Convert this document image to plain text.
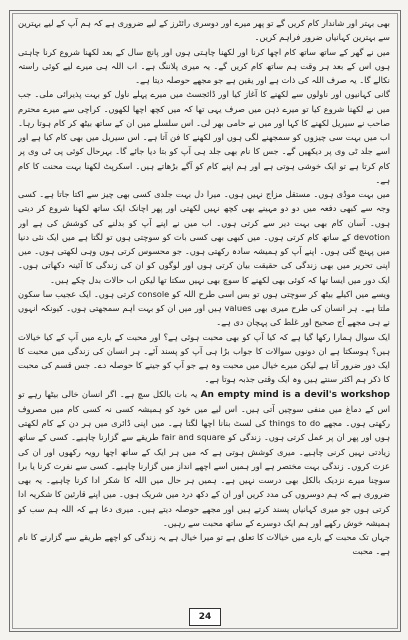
بھی بہتر اور شاندار کام کریں گے تو پھر میرے اور دوسری رائٹرز کے لیے ضروری ہے کہ ہم آپ کے لیے بہترین سے بہترین کہانیاں ضرور فراہم کریں۔

میں نے گھر کے ساتھ ساتھ کام اچھا کرنا اور لکھنا چاہتی ہوں اور پانچ سال کے بعد لکھنا شروع کرنا چاہتی ہوں اس کے بعد ہر وقت ہم ساتھ کام کریں گے۔ یہ میری پلاننگ ہے۔ اب اللہ ہی میرے لیے کوئی راستہ نکالے گا۔ یہ صرف اللہ کی ذات ہے اور یقین ہے جو مجھے حوصلہ دیتا ہے۔

گانی کہانیوں اور ناولوں سے لکھنے کا آغاز کیا اور ڈائجسٹ میں میرے پہلے ناول کو بہت پذیرائی ملی۔ جب میں نے لکھنا شروع کیا تو میرے ذہن میں صرف یہی تھا کہ میں کچھ اچھا لکھوں۔ کراچی سے میرے محترم صاحب نے سیریل لکھنے کا کہا اور میں نے حامی بھر لی۔ اس سلسلے میں ان کے ساتھ بیٹھ کر کام ہوتا رہا۔ اب میں بہت سی چیزوں کو سمجھنے لگی ہوں اور لکھنے کا فن آتا ہے۔ اس سیریل میں بھی کام کیا ہے اور اسے جلد ٹی وی پر دیکھیں گے۔ جس کا نام بھی جلد ہی آپ کو بتا دیا جائے گا۔ بہرحال کوئی پی ٹی وی پر کام کرتا ہے تو ایک خوشی ہوتی ہے اور ہم اپنے کام کو آگے بڑھاتے ہیں۔ اسکرپٹ لکھنا بہت محنت کا کام ہے۔

میں بہت موڈی ہوں۔ مستقل مزاج نہیں ہوں۔ میرا دل بہت جلدی کسی بھی چیز سے اکتا جاتا ہے۔ کسی وجہ سے کبھی دفعہ میں دو دو مہینے بھی کچھ نہیں لکھتی اور پھر اچانک ایک ساتھ لکھنا شروع کر دیتی ہوں۔ آسان کام بھی بہت دیر سے کرتی ہوں۔ اب میں نے اپنے آپ کو بدلنے کی کوشش کی ہے اور devotion کے ساتھ کام کرتی ہوں۔ میں کبھی بھی کسی بات کو سوچتی ہوں تو لگتا ہے میں ایک نئی دنیا میں پہنچ گئی ہوں۔ اپنے آپ کو ہمیشہ سادہ رکھتی ہوں۔ جو محسوس کرتی ہوں وہی لکھتی ہوں۔ میں اپنی تحریر میں بھی زندگی کی حقیقت بیان کرتی ہوں اور لوگوں کو ان کی زندگی کا آئینہ دکھاتی ہوں۔ ایک دور میں ایسا تھا کہ کوئی بھی لکھنے کا سوچ بھی نہیں سکتا تھا لیکن اب حالات بدل چکے ہیں۔

ویسے میں اکیلے بیٹھ کر سوچتی ہوں تو بس اسی طرح اللہ کو console کرتی ہوں۔ ایک عجیب سا سکون ملتا ہے۔ ہر انسان کی طرح میری بھی values ہیں اور میں ان کو بہت اہم سمجھتی ہوں۔ کیونکہ انہوں نے ہی مجھے آج صحیح اور غلط کی پہچان دی ہے۔

ایک سوال ہمارا رکھا گیا ہے کہ کیا آپ کو بھی محبت ہوئی ہے؟ اور محبت کے بارے میں آپ کے کیا خیالات ہیں؟ ہوسکتا ہے ان دونوں سوالات کا جواب بڑا ہی آپ کو پسند آئے۔ ہر انسان کی زندگی میں محبت کا ایک دور ضرور آتا ہے لیکن میرے خیال میں محبت وہ ہے جو آپ کو جینے کا حوصلہ دے۔ جس قسم کی محبت کا ذکر ہم اکثر سنتے ہیں وہ ایک وقتی جذبہ ہوتا ہے۔

An empty mind is a devil's workshop یہ بات بالکل سچ ہے۔ اگر انسان خالی بیٹھا رہے تو اس کے دماغ میں منفی سوچیں آتی ہیں۔ اس لیے میں خود کو ہمیشہ کسی نہ کسی کام میں مصروف رکھتی ہوں۔ مجھے things to do کی لسٹ بنانا اچھا لگتا ہے۔ میں اپنی ڈائری میں ہر دن کے کام لکھتی ہوں اور پھر ان پر عمل کرتی ہوں۔ زندگی کو fair and square طریقے سے گزارنا چاہیے۔ کسی کے ساتھ زیادتی نہیں کرنی چاہیے۔ میری کوشش ہوتی ہے کہ میں ہر ایک کے ساتھ اچھا رویہ رکھوں اور ان کی عزت کروں۔ زندگی بہت مختصر ہے اور ہمیں اسے اچھے انداز میں گزارنا چاہیے۔ کسی سے نفرت کرنا یا برا سوچنا میرے نزدیک بالکل بھی درست نہیں ہے۔ ہمیں ہر حال میں اللہ کا شکر ادا کرنا چاہیے۔ یہ بھی ضروری ہے کہ ہم دوسروں کی مدد کریں اور ان کے دکھ درد میں شریک ہوں۔ میں اپنے قارئین کا شکریہ ادا کرتی ہوں جو میری کہانیاں پسند کرتے ہیں اور مجھے حوصلہ دیتے ہیں۔ میری دعا ہے کہ اللہ ہم سب کو ہمیشہ خوش رکھے اور ہم ایک دوسرے کے ساتھ محبت سے رہیں۔

جہاں تک محبت کے بارے میں خیالات کا تعلق ہے تو میرا خیال ہے یہ زندگی کو اچھے طریقے سے گزارنے کا نام ہے۔ محبت

24
